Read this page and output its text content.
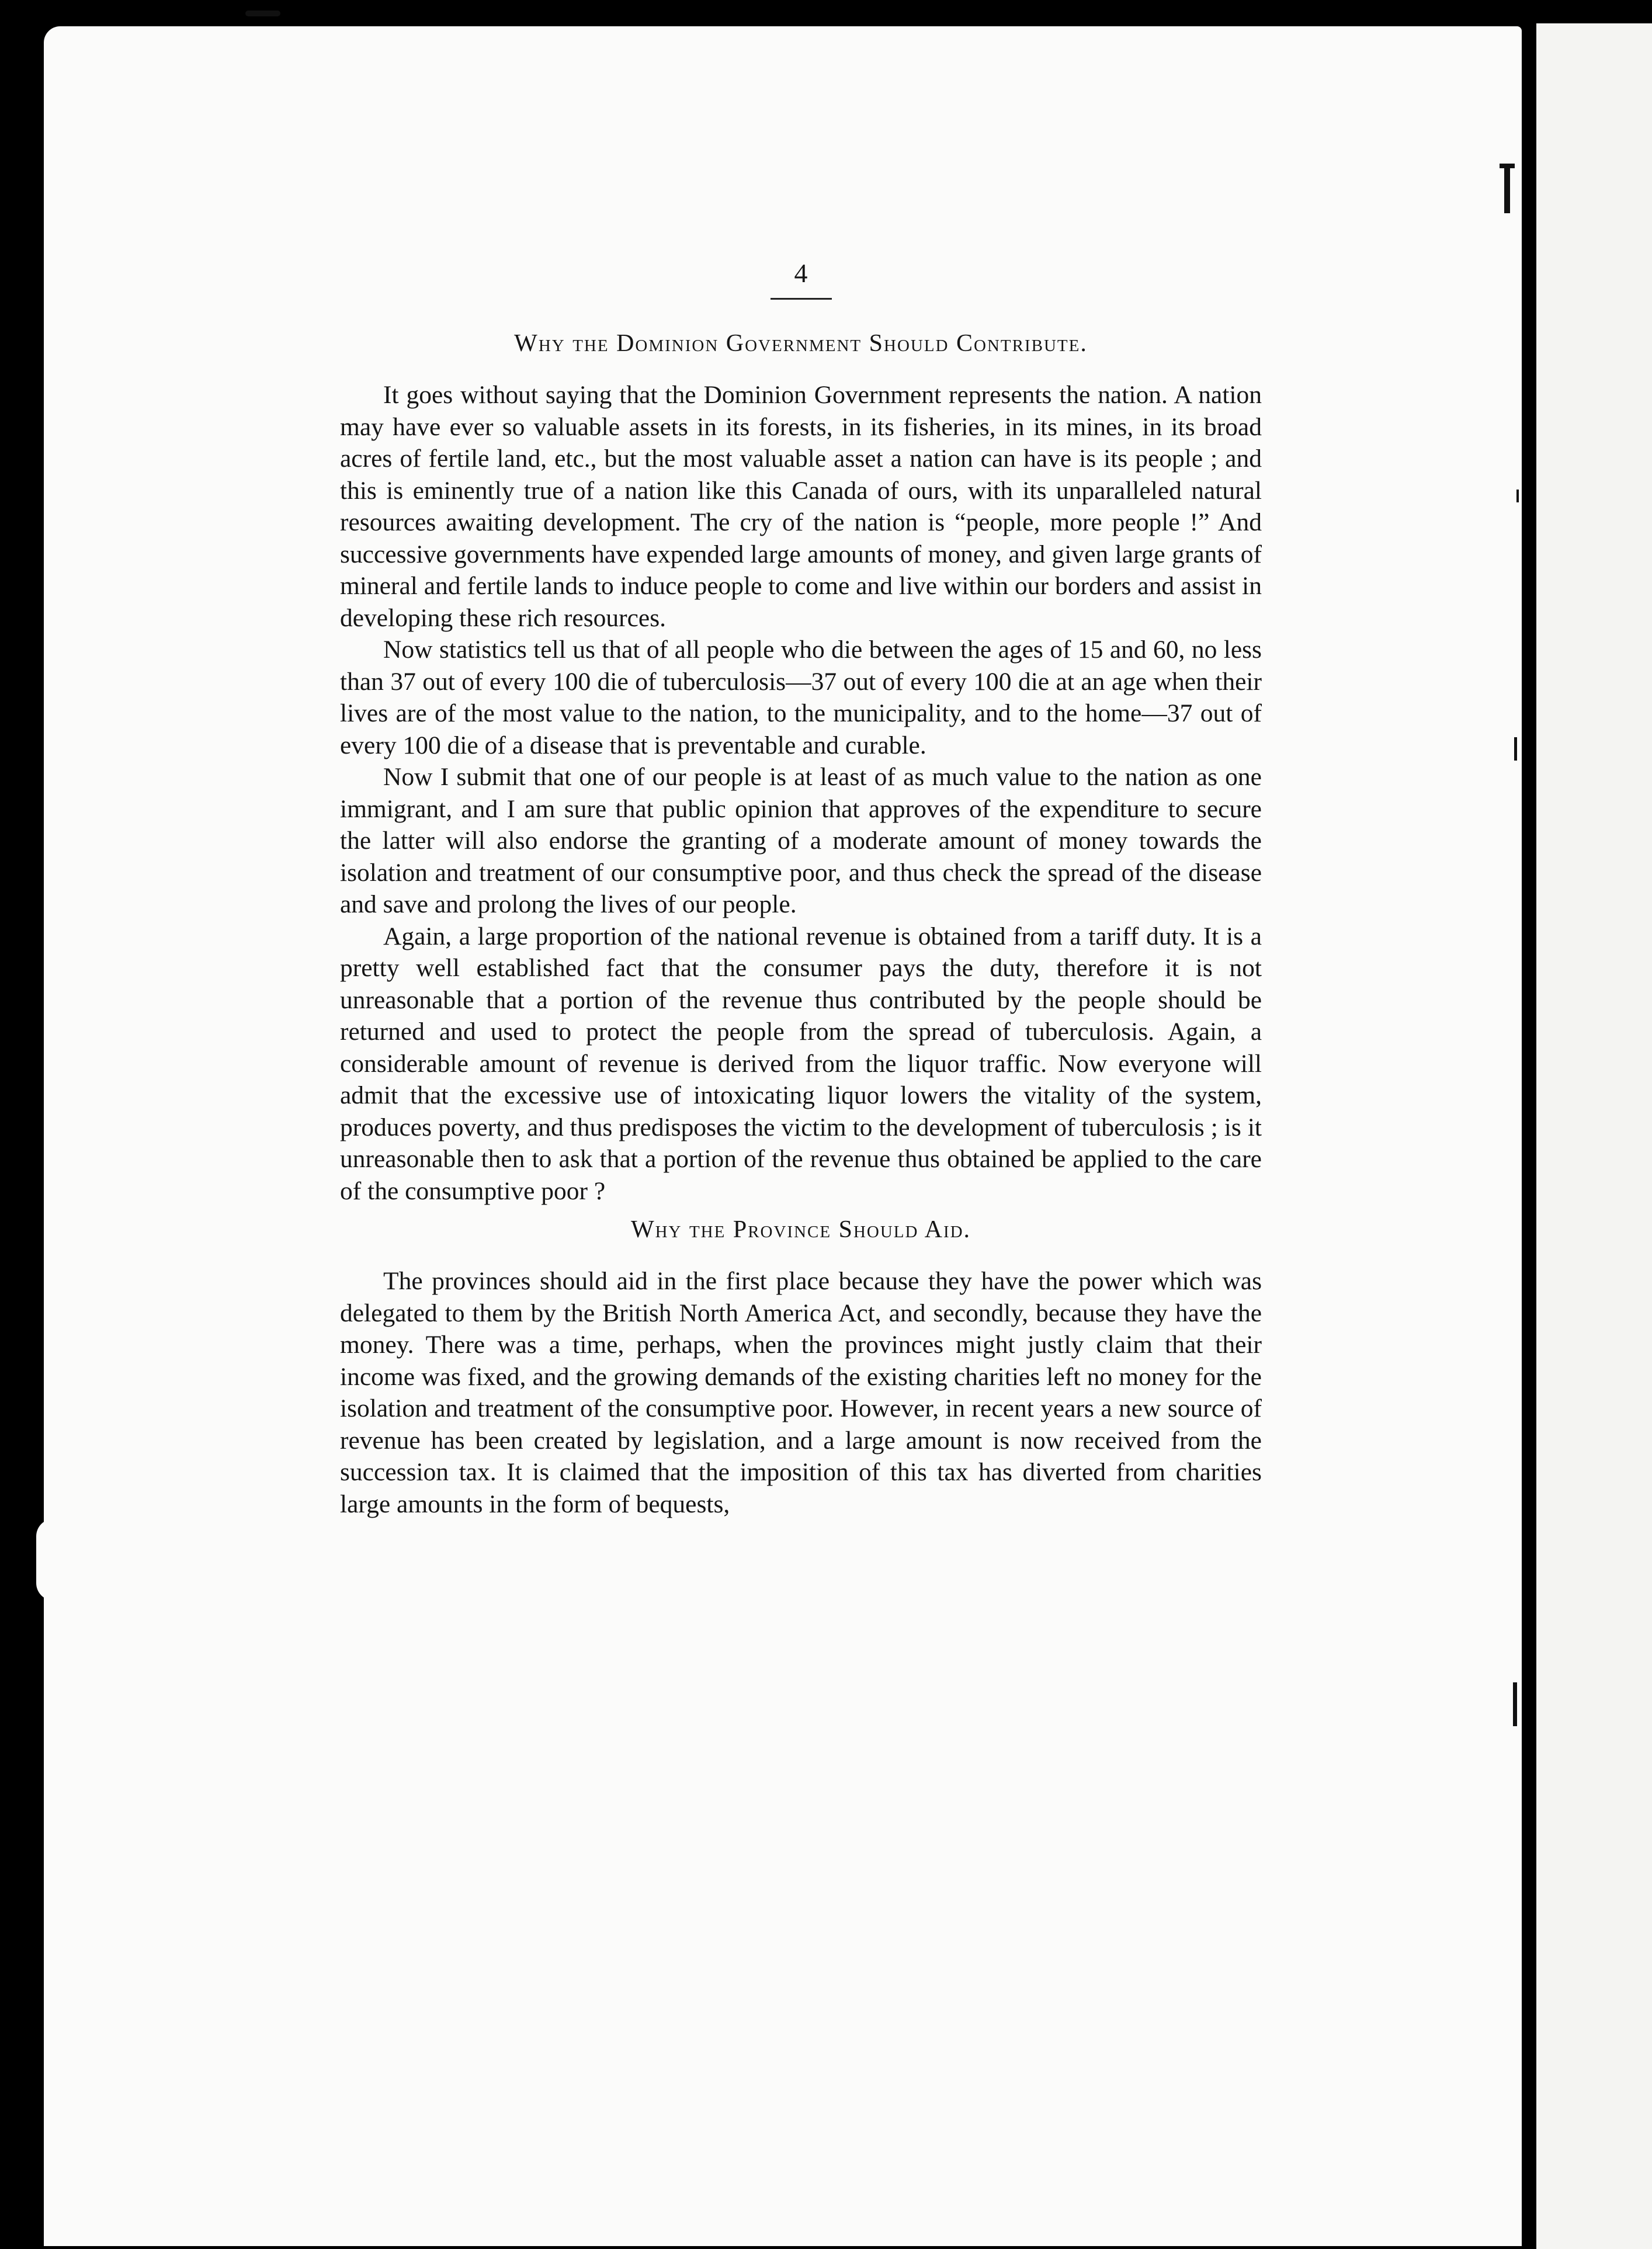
4
Why the Dominion Government Should Contribute.

It goes without saying that the Dominion Government represents the nation. A nation may have ever so valuable assets in its forests, in its fisheries, in its mines, in its broad acres of fertile land, etc., but the most valuable asset a nation can have is its people ; and this is eminently true of a nation like this Canada of ours, with its unparalleled natural resources awaiting development. The cry of the nation is “people, more people !” And successive governments have expended large amounts of money, and given large grants of mineral and fertile lands to induce people to come and live within our borders and assist in developing these rich resources.

Now statistics tell us that of all people who die between the ages of 15 and 60, no less than 37 out of every 100 die of tuberculosis—37 out of every 100 die at an age when their lives are of the most value to the nation, to the municipality, and to the home—37 out of every 100 die of a disease that is preventable and curable.

Now I submit that one of our people is at least of as much value to the nation as one immigrant, and I am sure that public opinion that approves of the expenditure to secure the latter will also endorse the granting of a moderate amount of money towards the isolation and treatment of our consumptive poor, and thus check the spread of the disease and save and prolong the lives of our people.

Again, a large proportion of the national revenue is obtained from a tariff duty. It is a pretty well established fact that the consumer pays the duty, therefore it is not unreasonable that a portion of the revenue thus contributed by the people should be returned and used to protect the people from the spread of tuberculosis. Again, a considerable amount of revenue is derived from the liquor traffic. Now everyone will admit that the excessive use of intoxicating liquor lowers the vitality of the system, produces poverty, and thus predisposes the victim to the development of tuberculosis ; is it unreasonable then to ask that a portion of the revenue thus obtained be applied to the care of the consumptive poor ?

Why the Province Should Aid.

The provinces should aid in the first place because they have the power which was delegated to them by the British North America Act, and secondly, because they have the money. There was a time, perhaps, when the provinces might justly claim that their income was fixed, and the growing demands of the existing charities left no money for the isolation and treatment of the consumptive poor. However, in recent years a new source of revenue has been created by legislation, and a large amount is now received from the succession tax. It is claimed that the imposition of this tax has diverted from charities large amounts in the form of bequests,
